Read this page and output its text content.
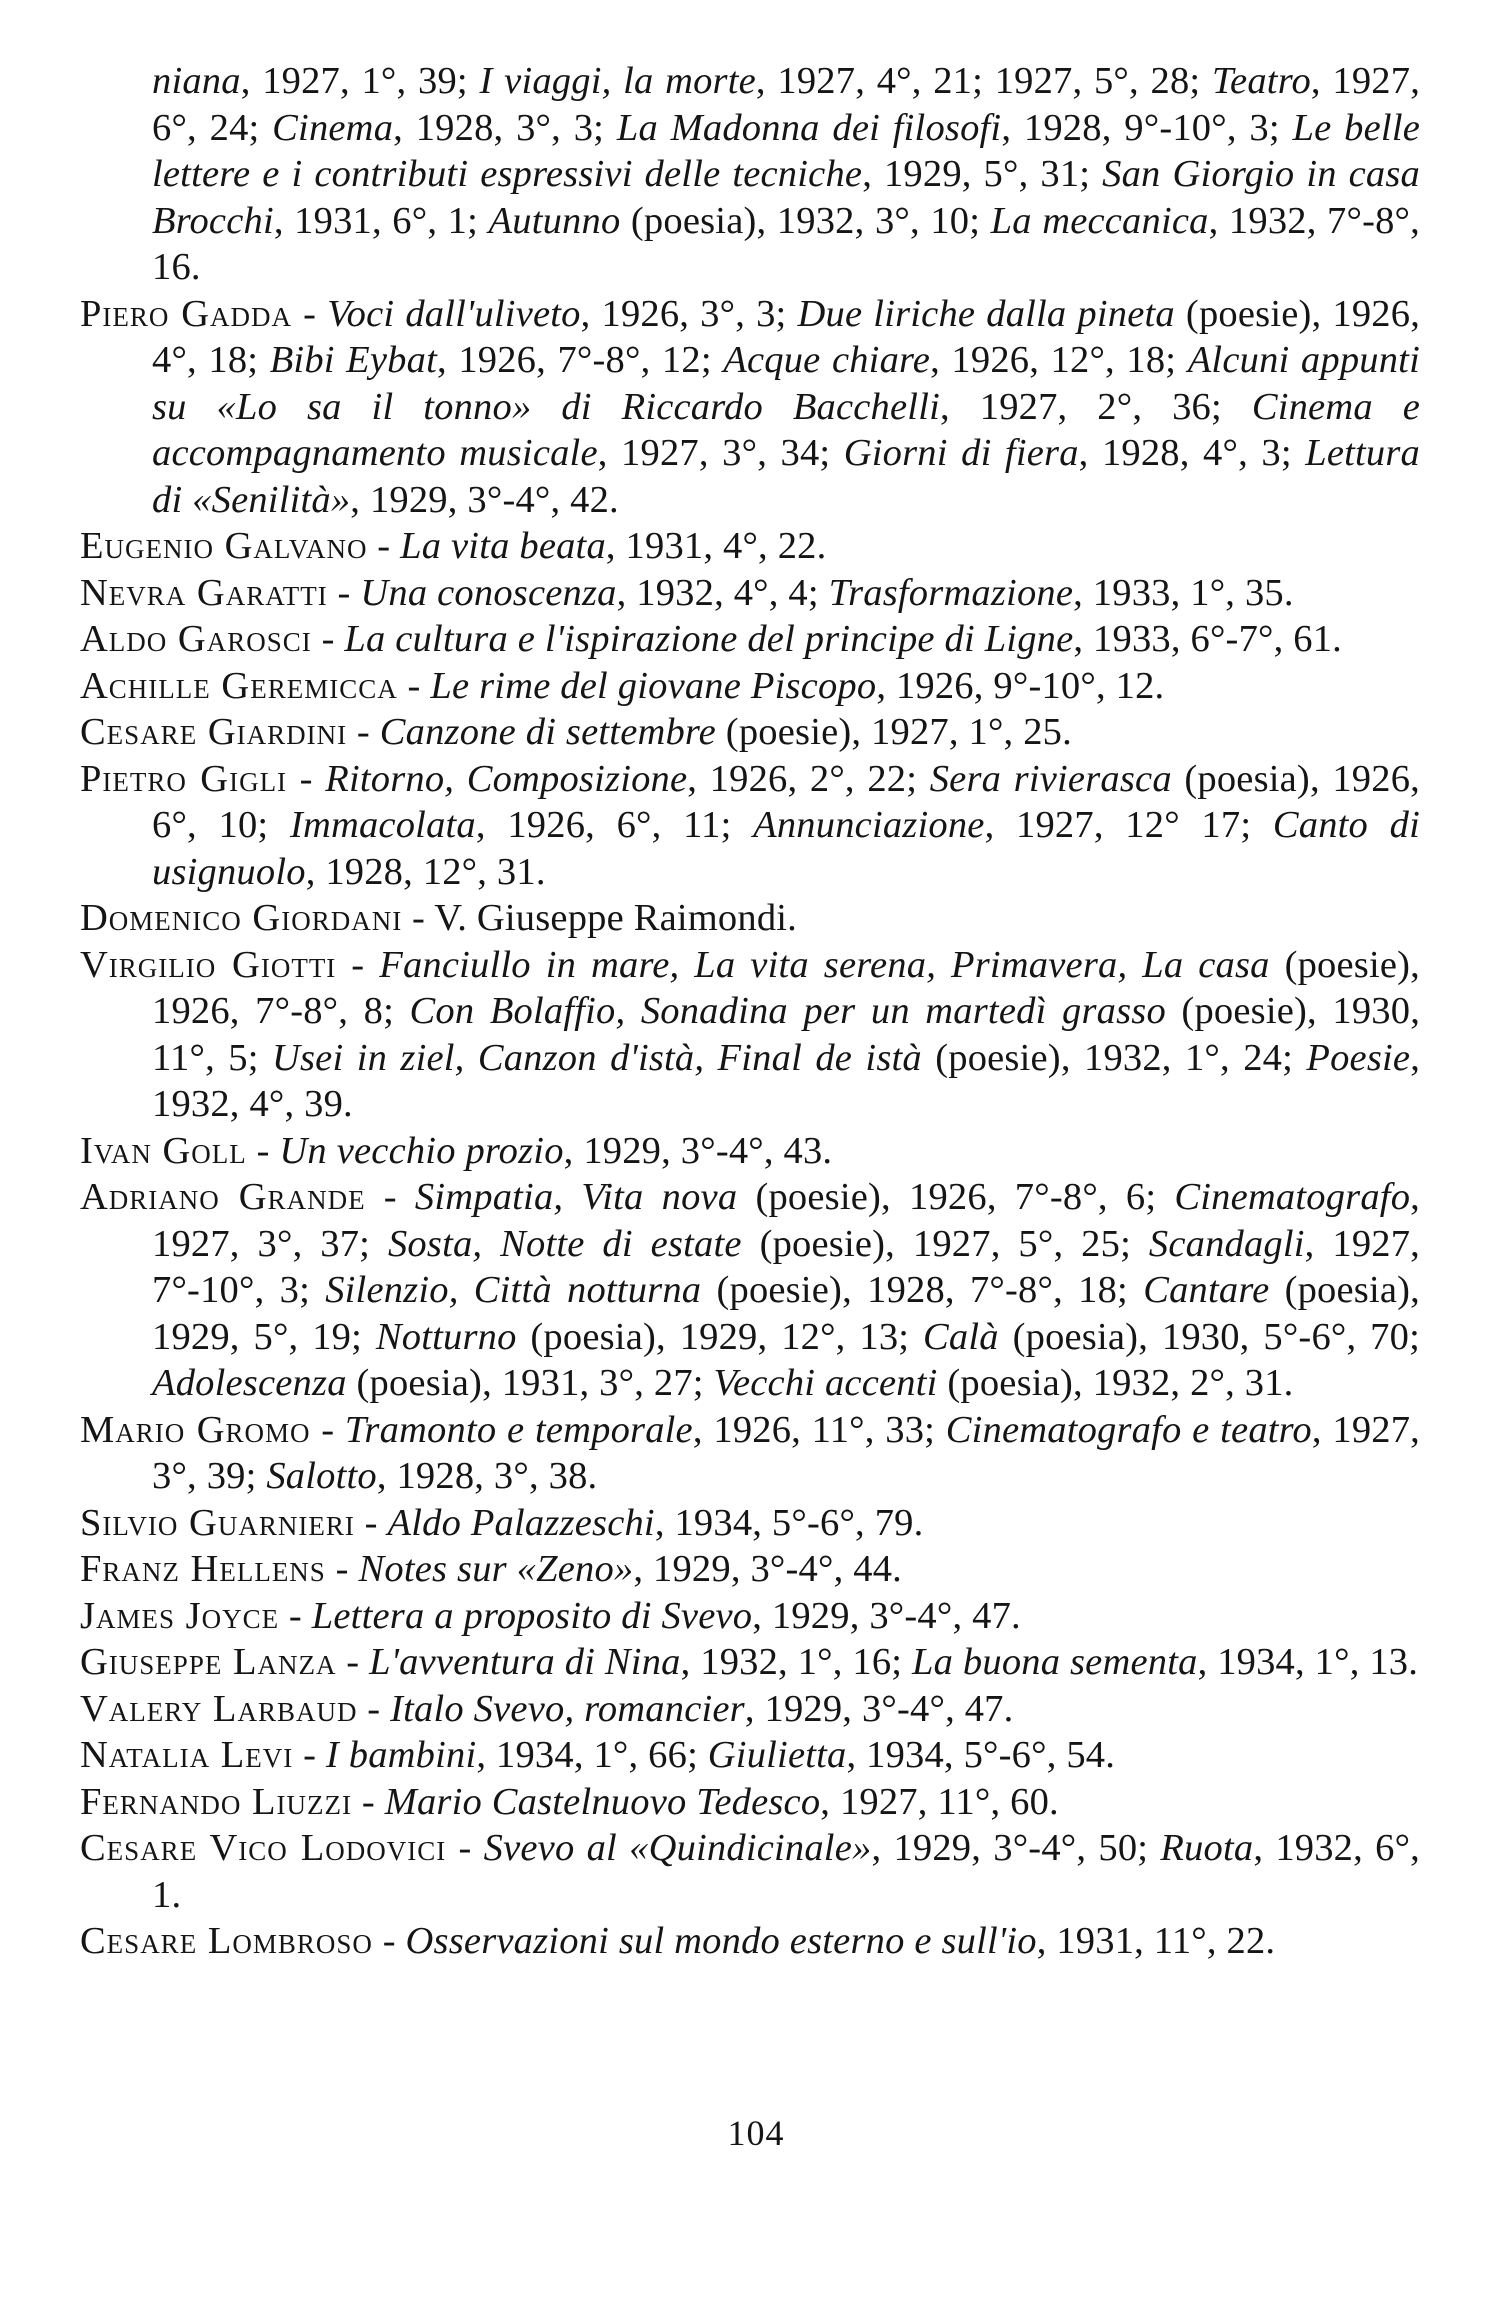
niana, 1927, 1°, 39; I viaggi, la morte, 1927, 4°, 21; 1927, 5°, 28; Teatro, 1927, 6°, 24; Cinema, 1928, 3°, 3; La Madonna dei filosofi, 1928, 9°-10°, 3; Le belle lettere e i contributi espressivi delle tecniche, 1929, 5°, 31; San Giorgio in casa Brocchi, 1931, 6°, 1; Autunno (poesia), 1932, 3°, 10; La meccanica, 1932, 7°-8°, 16.

Piero Gadda - Voci dall'uliveto, 1926, 3°, 3; Due liriche dalla pineta (poesie), 1926, 4°, 18; Bibi Eybat, 1926, 7°-8°, 12; Acque chiare, 1926, 12°, 18; Alcuni appunti su «Lo sa il tonno» di Riccardo Bacchelli, 1927, 2°, 36; Cinema e accompagnamento musicale, 1927, 3°, 34; Giorni di fiera, 1928, 4°, 3; Lettura di «Senilità», 1929, 3°-4°, 42.

Eugenio Galvano - La vita beata, 1931, 4°, 22.

Nevra Garatti - Una conoscenza, 1932, 4°, 4; Trasformazione, 1933, 1°, 35.

Aldo Garosci - La cultura e l'ispirazione del principe di Ligne, 1933, 6°-7°, 61.

Achille Geremicca - Le rime del giovane Piscopo, 1926, 9°-10°, 12.

Cesare Giardini - Canzone di settembre (poesie), 1927, 1°, 25.

Pietro Gigli - Ritorno, Composizione, 1926, 2°, 22; Sera rivierasca (poesia), 1926, 6°, 10; Immacolata, 1926, 6°, 11; Annunciazione, 1927, 12° 17; Canto di usignuolo, 1928, 12°, 31.

Domenico Giordani - V. Giuseppe Raimondi.

Virgilio Giotti - Fanciullo in mare, La vita serena, Primavera, La casa (poesie), 1926, 7°-8°, 8; Con Bolaffio, Sonadina per un martedì grasso (poesie), 1930, 11°, 5; Usei in ziel, Canzon d'istà, Final de istà (poesie), 1932, 1°, 24; Poesie, 1932, 4°, 39.

Ivan Goll - Un vecchio prozio, 1929, 3°-4°, 43.

Adriano Grande - Simpatia, Vita nova (poesie), 1926, 7°-8°, 6; Cinematografo, 1927, 3°, 37; Sosta, Notte di estate (poesie), 1927, 5°, 25; Scandagli, 1927, 7°-10°, 3; Silenzio, Città notturna (poesie), 1928, 7°-8°, 18; Cantare (poesia), 1929, 5°, 19; Notturno (poesia), 1929, 12°, 13; Calà (poesia), 1930, 5°-6°, 70; Adolescenza (poesia), 1931, 3°, 27; Vecchi accenti (poesia), 1932, 2°, 31.

Mario Gromo - Tramonto e temporale, 1926, 11°, 33; Cinematografo e teatro, 1927, 3°, 39; Salotto, 1928, 3°, 38.

Silvio Guarnieri - Aldo Palazzeschi, 1934, 5°-6°, 79.

Franz Hellens - Notes sur «Zeno», 1929, 3°-4°, 44.

James Joyce - Lettera a proposito di Svevo, 1929, 3°-4°, 47.

Giuseppe Lanza - L'avventura di Nina, 1932, 1°, 16; La buona sementa, 1934, 1°, 13.

Valery Larbaud - Italo Svevo, romancier, 1929, 3°-4°, 47.

Natalia Levi - I bambini, 1934, 1°, 66; Giulietta, 1934, 5°-6°, 54.

Fernando Liuzzi - Mario Castelnuovo Tedesco, 1927, 11°, 60.

Cesare Vico Lodovici - Svevo al «Quindicinale», 1929, 3°-4°, 50; Ruota, 1932, 6°, 1.

Cesare Lombroso - Osservazioni sul mondo esterno e sull'io, 1931, 11°, 22.

104
